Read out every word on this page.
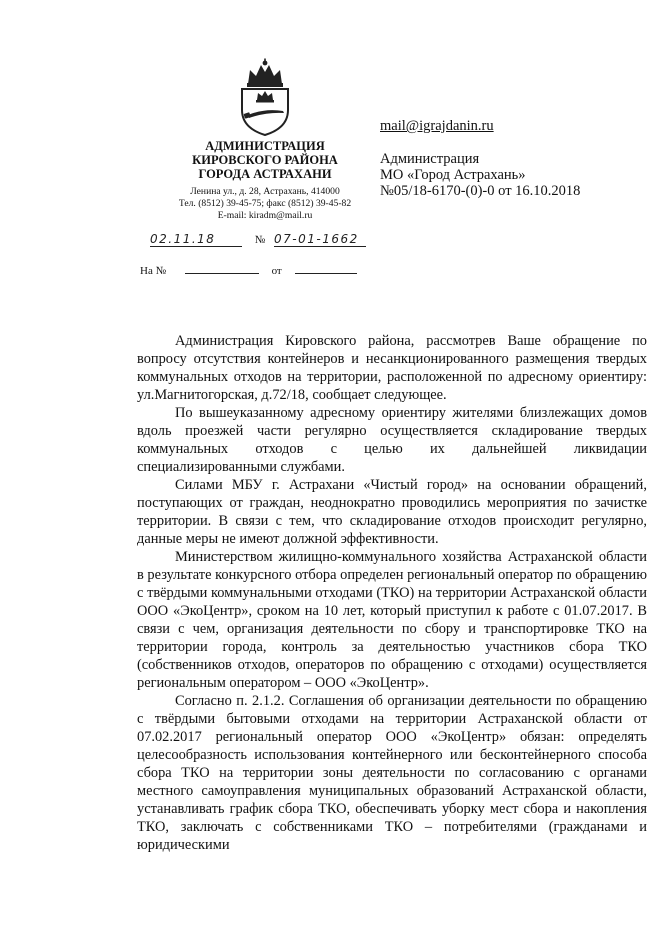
АДМИНИСТРАЦИЯ
КИРОВСКОГО РАЙОНА
ГОРОДА АСТРАХАНИ
Ленина ул., д. 28, Астрахань, 414000
Тел. (8512) 39-45-75; факс (8512) 39-45-82
E-mail: kiradm@mail.ru
02.11.18	№ 07-01-1662
На №	от
mail@igrajdanin.ru
Администрация
МО «Город Астрахань»
№05/18-6170-(0)-0 от 16.10.2018

Администрация Кировского района, рассмотрев Ваше обращение по вопросу отсутствия контейнеров и несанкционированного размещения твердых коммунальных отходов на территории, расположенной по адресному ориентиру: ул.Магнитогорская, д.72/18, сообщает следующее.

По вышеуказанному адресному ориентиру жителями близлежащих домов вдоль проезжей части регулярно осуществляется складирование твердых коммунальных отходов с целью их дальнейшей ликвидации специализированными службами.

Силами МБУ г. Астрахани «Чистый город» на основании обращений, поступающих от граждан, неоднократно проводились мероприятия по зачистке территории. В связи с тем, что складирование отходов происходит регулярно, данные меры не имеют должной эффективности.

Министерством жилищно-коммунального хозяйства Астраханской области в результате конкурсного отбора определен региональный оператор по обращению с твёрдыми коммунальными отходами (ТКО) на территории Астраханской области ООО «ЭкоЦентр», сроком на 10 лет, который приступил к работе с 01.07.2017. В связи с чем, организация деятельности по сбору и транспортировке ТКО на территории города, контроль за деятельностью участников сбора ТКО (собственников отходов, операторов по обращению с отходами) осуществляется региональным оператором – ООО «ЭкоЦентр».

Согласно п. 2.1.2. Соглашения об организации деятельности по обращению с твёрдыми бытовыми отходами на территории Астраханской области от 07.02.2017 региональный оператор ООО «ЭкоЦентр» обязан: определять целесообразность использования контейнерного или бесконтейнерного способа сбора ТКО на территории зоны деятельности по согласованию с органами местного самоуправления муниципальных образований Астраханской области, устанавливать график сбора ТКО, обеспечивать уборку мест сбора и накопления ТКО, заключать с собственниками ТКО – потребителями (гражданами и юридическими
